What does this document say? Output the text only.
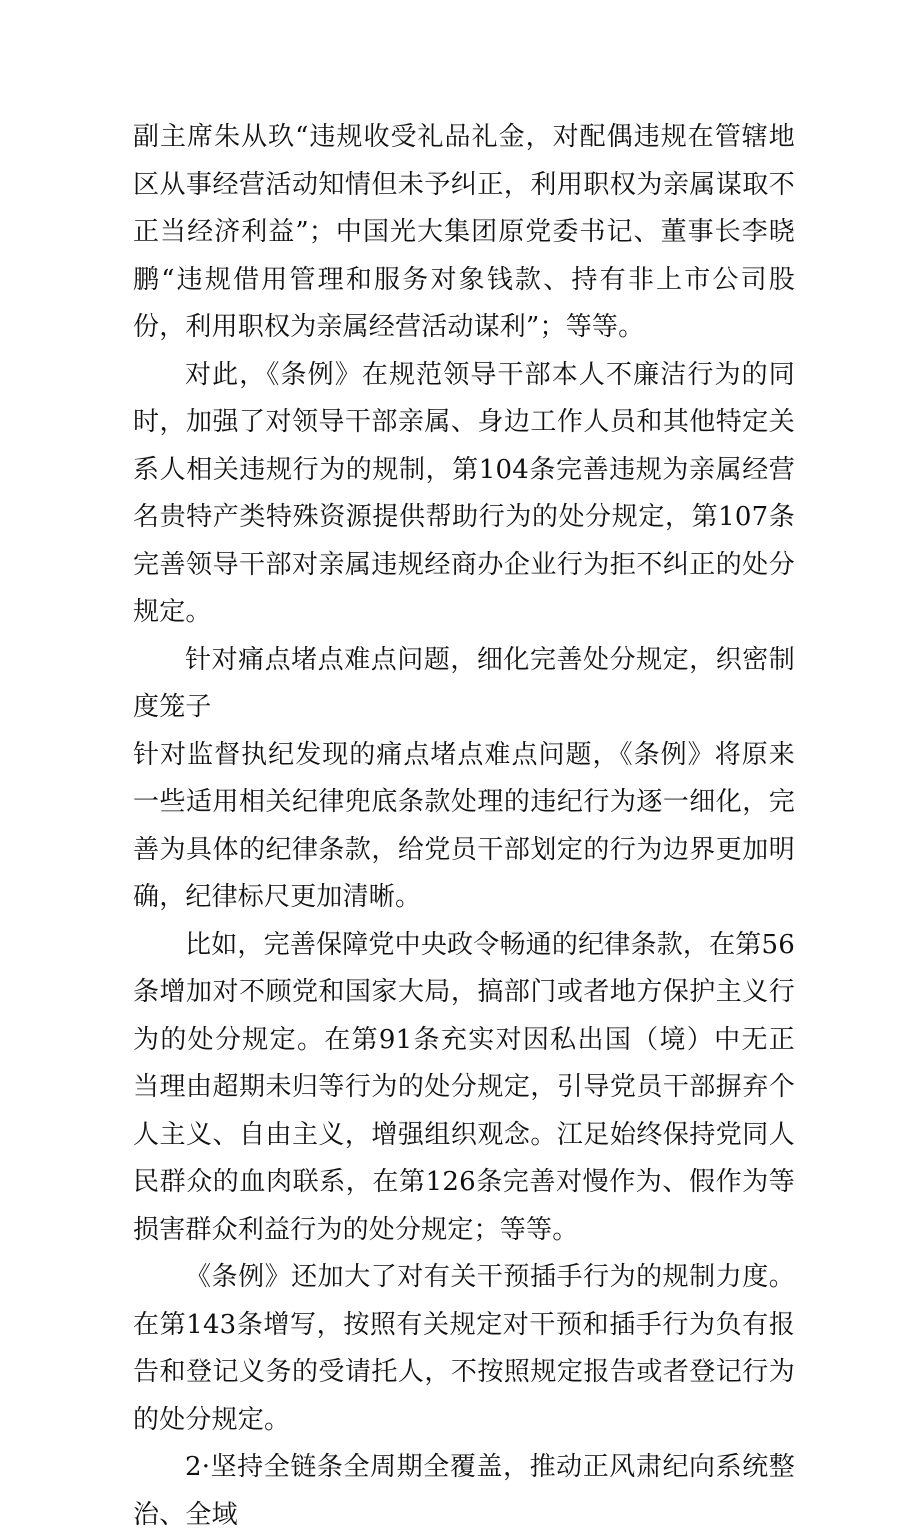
副主席朱从玖“违规收受礼品礼金，对配偶违规在管辖地区从事经营活动知情但未予纠正，利用职权为亲属谋取不正当经济利益”；中国光大集团原党委书记、董事长李晓鹏“违规借用管理和服务对象钱款、持有非上市公司股份，利用职权为亲属经营活动谋利”；等等。

对此，《条例》在规范领导干部本人不廉洁行为的同时，加强了对领导干部亲属、身边工作人员和其他特定关系人相关违规行为的规制，第104条完善违规为亲属经营名贵特产类特殊资源提供帮助行为的处分规定，第107条完善领导干部对亲属违规经商办企业行为拒不纠正的处分规定。

针对痛点堵点难点问题，细化完善处分规定，织密制度笼子

针对监督执纪发现的痛点堵点难点问题，《条例》将原来一些适用相关纪律兜底条款处理的违纪行为逐一细化，完善为具体的纪律条款，给党员干部划定的行为边界更加明确，纪律标尺更加清晰。

比如，完善保障党中央政令畅通的纪律条款，在第56条增加对不顾党和国家大局，搞部门或者地方保护主义行为的处分规定。在第91条充实对因私出国（境）中无正当理由超期未归等行为的处分规定，引导党员干部摒弃个人主义、自由主义，增强组织观念。江足始终保持党同人民群众的血肉联系，在第126条完善对慢作为、假作为等损害群众利益行为的处分规定；等等。

《条例》还加大了对有关干预插手行为的规制力度。在第143条增写，按照有关规定对干预和插手行为负有报告和登记义务的受请托人，不按照规定报告或者登记行为的处分规定。

2·坚持全链条全周期全覆盖，推动正风肃纪向系统整治、全域
